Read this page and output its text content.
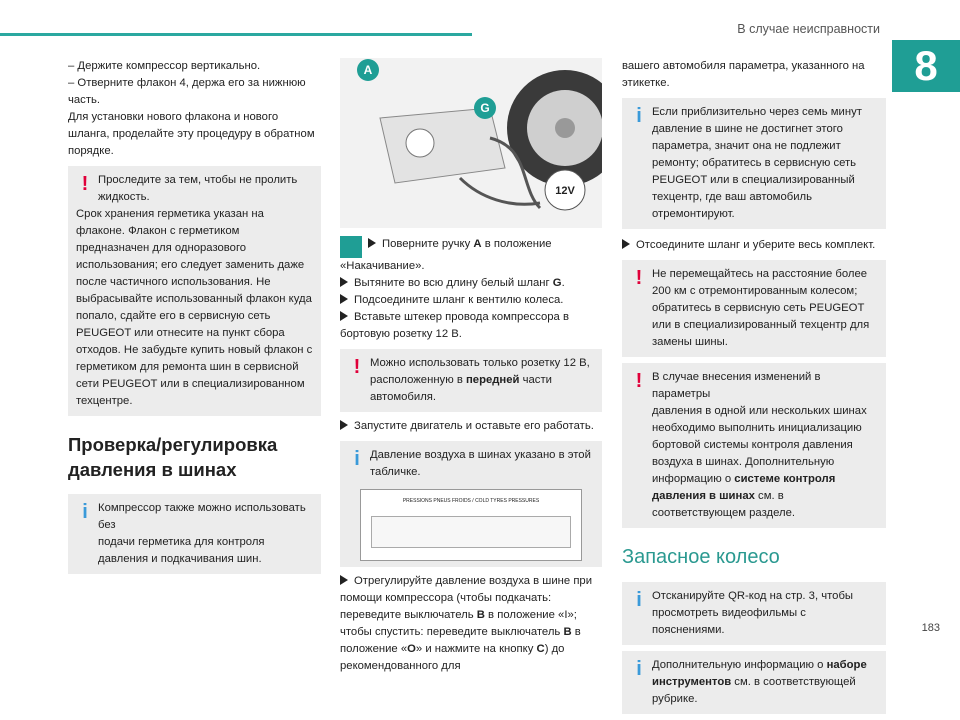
В случае неисправности
8
183

– Держите компрессор вертикально.

– Отверните флакон 4, держа его за нижнюю часть.

Для установки нового флакона и нового шланга, проделайте эту процедуру в обратном порядке.

! Проследите за тем, чтобы не пролить

жидкость.

Срок хранения герметика указан на флаконе. Флакон с герметиком предназначен для одноразового использования; его следует заменить даже после частичного использования. Не выбрасывайте использованный флакон куда попало, сдайте его в сервисную сеть PEUGEOT или отнесите на пункт сбора отходов. Не забудьте купить новый флакон с герметиком для ремонта шин в сервисной сети PEUGEOT или в специализированном техцентре.

Проверка/регулировка давления в шинах
i Компрессор также можно использовать без

подачи герметика для контроля давления и подкачивания шин.

A
G
12V

Поверните ручку A в положение «Накачивание».

Вытяните во всю длину белый шланг G.

Подсоедините шланг к вентилю колеса.

Вставьте штекер провода компрессора в бортовую розетку 12 В.

! Можно использовать только розетку 12 В,

расположенную в передней части автомобиля.

Запустите двигатель и оставьте его работать.

i Давление воздуха в шинах указано в этой

табличке.

PRESSIONS PNEUS FROIDS / COLD TYRES PRESSURES

Отрегулируйте давление воздуха в шине при помощи компрессора (чтобы подкачать: переведите выключатель B в положение «I»; чтобы спустить: переведите выключатель B в положение «O» и нажмите на кнопку C) до рекомендованного для

вашего автомобиля параметра, указанного на этикетке.

i Если приблизительно через семь минут

давление в шине не достигнет этого параметра, значит она не подлежит ремонту; обратитесь в сервисную сеть PEUGEOT или в специализированный техцентр, где ваш автомобиль отремонтируют.

Отсоедините шланг и уберите весь комплект.

! Не перемещайтесь на расстояние более

200 км с отремонтированным колесом; обратитесь в сервисную сеть PEUGEOT или в специализированный техцентр для замены шины.

! В случае внесения изменений в параметры

давления в одной или нескольких шинах необходимо выполнить инициализацию бортовой системы контроля давления воздуха в шинах. Дополнительную информацию о системе контроля давления в шинах см. в соответствующем разделе.

Запасное колесо
i Отсканируйте QR-код на стр. 3, чтобы

просмотреть видеофильмы с пояснениями.

i Дополнительную информацию о наборе

инструментов см. в соответствующей рубрике.
